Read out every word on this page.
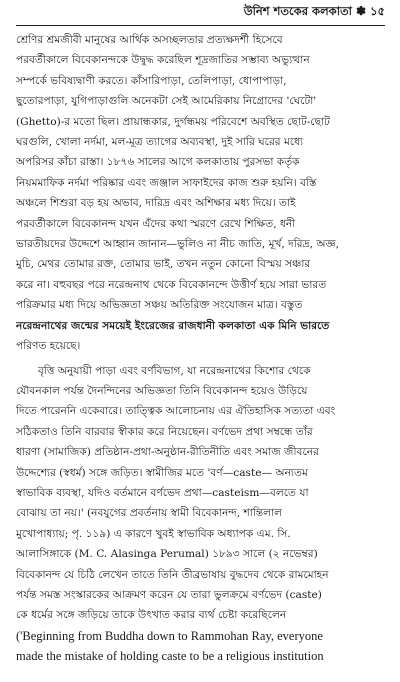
উনিশ শতকের কলকাতা ✽ ১৫

শ্রেণির শ্রমজীবী মানুষের আর্থিক অসচ্ছলতার প্রত্যক্ষদর্শী হিসেবে

পরবর্তীকালে বিবেকানন্দকে উদ্বুদ্ধ করেছিল শূদ্রজাতির সম্ভাব্য অভ্যুত্থান

সম্পর্কে ভবিষ্যদ্বাণী করতে। কাঁসারিপাড়া, তেলিপাড়া, ধোপাপাড়া,

ছুতোরপাড়া, যুগিপাড়াগুলি অনেকটা সেই আমেরিকায় নিগ্রোদের 'ঘেটো'

(Ghetto)-র মতো ছিল। প্রায়ান্ধকার, দুর্গন্ধময় পরিবেশে অবস্থিত ছোট-ছোট

ঘরগুলি, খোলা নর্দমা, মল-মূত্র ত্যাগের অব্যবস্থা, দুই সারি ঘরের মধ্যে

অপরিসর কাঁচা রাস্তা। ১৮৭৬ সালের আগে কলকাতায় পুরসভা কর্তৃক

নিয়মমাফিক নর্দমা পরিষ্কার এবং জঞ্জাল সাফাইদের কাজ শুরু হয়নি। বস্তি

অঞ্চলে শিশুরা বড় হয় অভাব, দারিদ্র এবং অশিক্ষার মধ্য দিয়ে। তাই

পরবর্তীকালে বিবেকানন্দ যখন এঁদের কথা স্মরণে রেখে শিক্ষিত, ধনী

ভারতীয়দের উদ্দেশে আহ্বান জানান—ভুলিও না নীচ জাতি, মূর্খ, দরিদ্র, অজ্ঞ,

মুচি, মেথর তোমার রক্ত, তোমার ভাই, তখন নতুন কোনো বিস্ময় সঞ্চার

করে না। বহুবছর পরে নরেন্দ্রনাথ থেকে বিবেকানন্দে উত্তীর্ণ হয়ে সারা ভারত

পরিক্রমার মধ্য দিয়ে অভিজ্ঞতা সঞ্চয় অতিরিক্ত সংযোজন মাত্র। বস্তুত

নরেন্দ্রনাথের জন্মের সময়েই ইংরেজের রাজধানী কলকাতা এক মিনি ভারতে

পরিণত হয়েছে।

বৃত্তি অনুযায়ী পাড়া এবং বর্ণবিভাগ, যা নরেন্দ্রনাথের কিশোর থেকে

যৌবনকাল পর্যন্ত দৈনন্দিনের অভিজ্ঞতা তিনি বিবেকানন্দ হয়েও উড়িয়ে

দিতে পারেননি একেবারে। তাত্ত্বিক আলোচনায় এর ঐতিহাসিক সত্যতা এবং

সঠিকতাও তিনি বারবার স্বীকার করে নিয়েছেন। বর্ণভেদ প্রথা সম্বন্ধে তাঁর

ধারণা (সামাজিক) প্রতিষ্ঠান-প্রথা-অনুষ্ঠান-রীতিনীতি এবং সমাজ জীবনের

উদ্দেশ্যের (স্বধর্ম) সঙ্গে জড়িত। স্বামীজির মতে 'বর্ণ—caste— অন্যতম

স্বাভাবিক ব্যবস্থা, যদিও বর্তমানে বর্ণভেদ প্রথা—casteism—বলতে যা

বোঝায় তা নয়।' (নবযুগের প্রবর্তনায় স্বামী বিবেকানন্দ, শান্তিলাল

মুখোপাধ্যায়; পৃ. ১১৯) এ কারণে খুবই স্বাভাবিক অধ্যাপক এম. সি.

আলাসিঙ্গাকে (M. C. Alasinga Perumal) ১৮৯৩ সালে (২ নভেম্বর)

বিবেকানন্দ যে চিঠি লেখেন তাতে তিনি তীব্রভাষায় বুদ্ধদেব থেকে রামমোহন

পর্যন্ত সমস্ত সংস্কারকের আক্রমণ করেন যে তারা ভুলক্রমে বর্ণভেদ (caste)

কে ধর্মের সঙ্গে জড়িয়ে তাকে উৎখাত করার ব্যর্থ চেষ্টা করেছিলেন

('Beginning from Buddha down to Rammohan Ray, everyone

made the mistake of holding caste to be a religious institution
